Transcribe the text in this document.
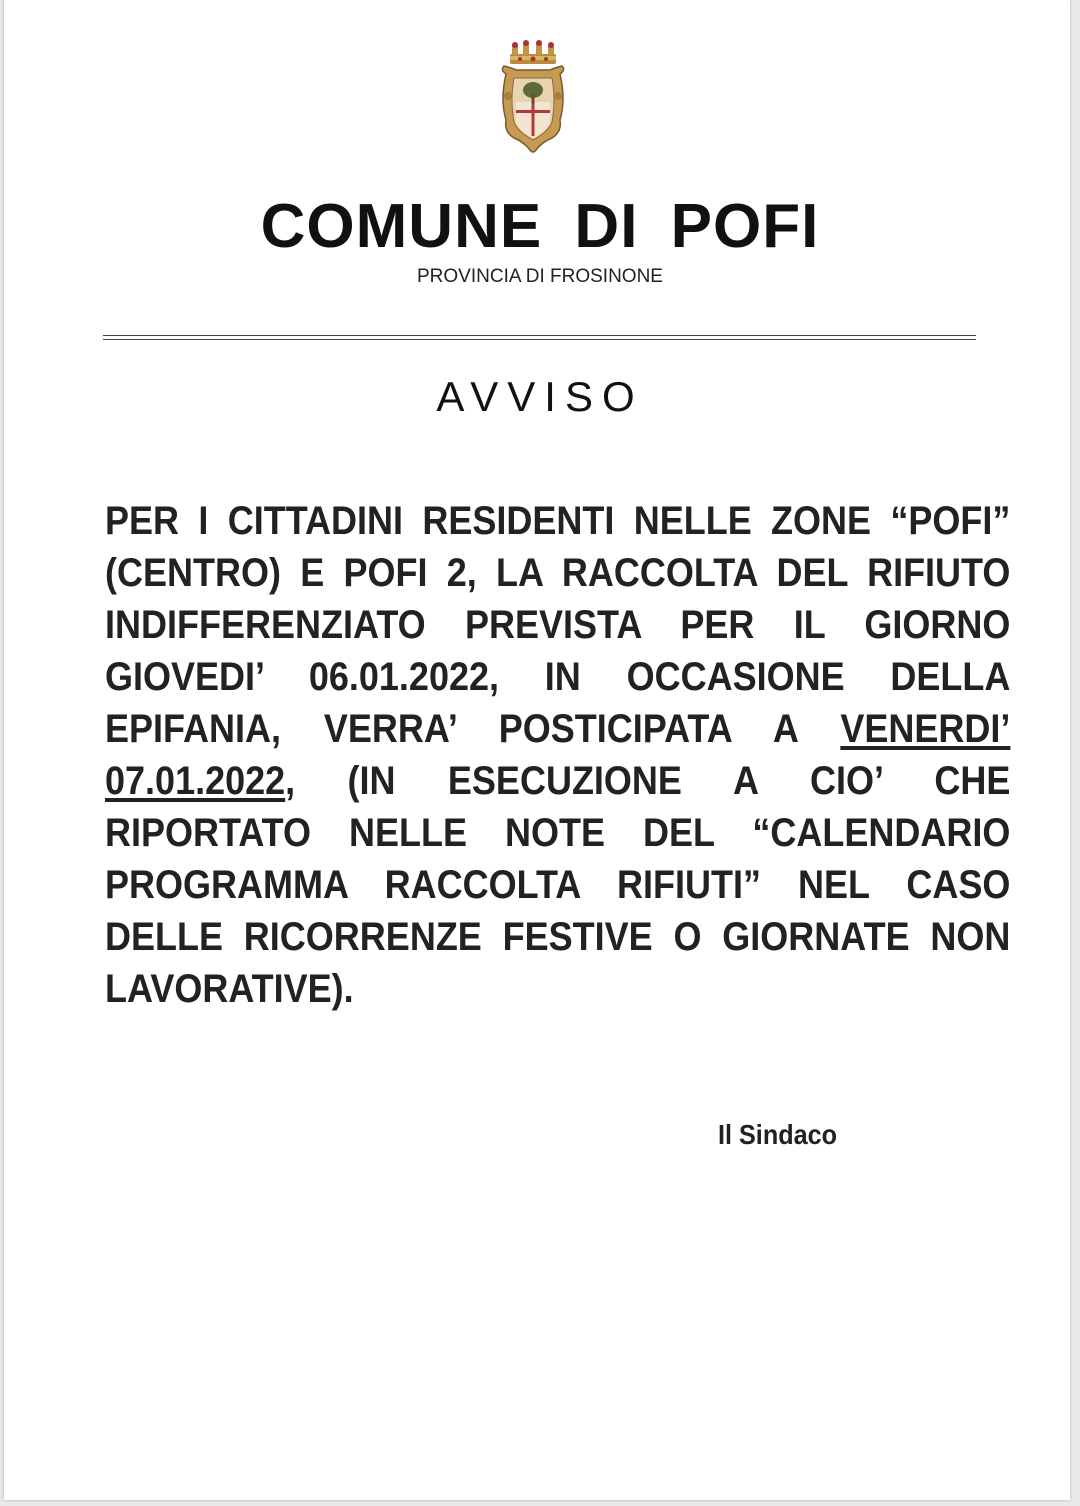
COMUNE DI POFI
PROVINCIA DI FROSINONE
AVVISO
PER I CITTADINI RESIDENTI NELLE ZONE “POFI” (CENTRO) E POFI 2, LA RACCOLTA DEL RIFIUTO INDIFFERENZIATO PREVISTA PER IL GIORNO GIOVEDI’ 06.01.2022, IN OCCASIONE DELLA EPIFANIA, VERRA’ POSTICIPATA A VENERDI’ 07.01.2022, (IN ESECUZIONE A CIO’ CHE RIPORTATO NELLE NOTE DEL “CALENDARIO PROGRAMMA RACCOLTA RIFIUTI” NEL CASO DELLE RICORRENZE FESTIVE O GIORNATE NON LAVORATIVE).
Il Sindaco
